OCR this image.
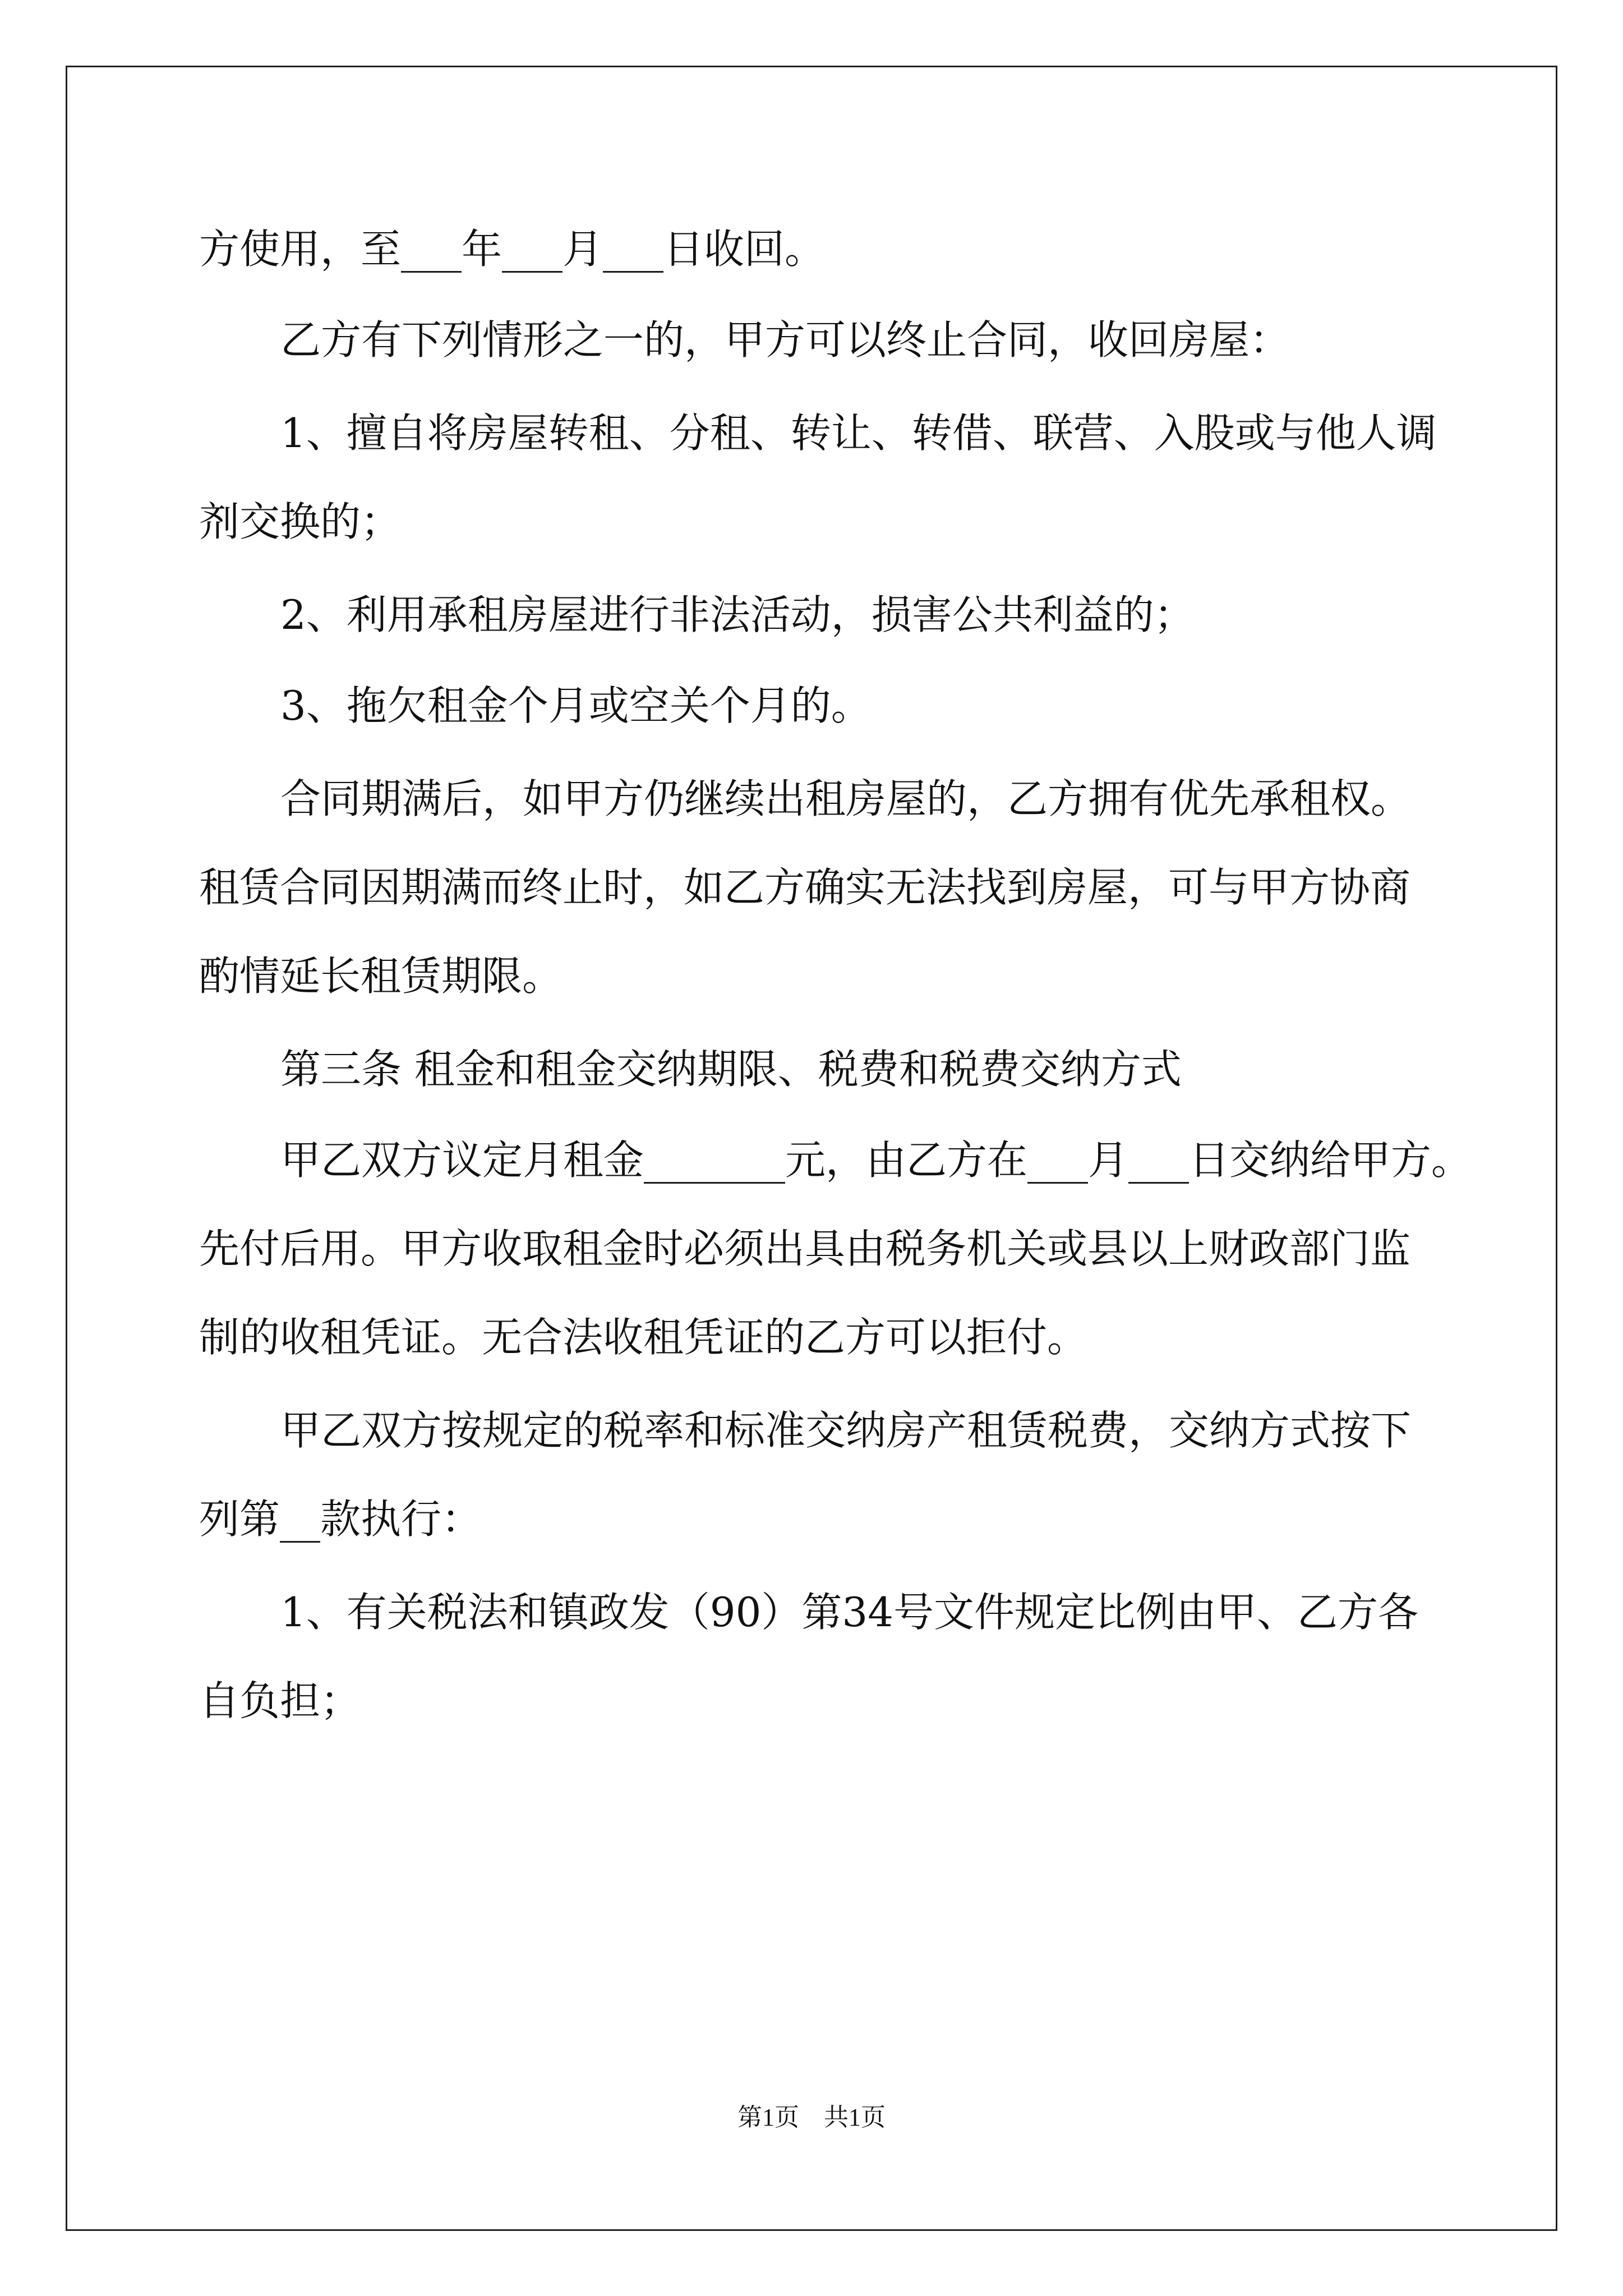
方使用，至___年___月___日收回。
乙方有下列情形之一的，甲方可以终止合同，收回房屋：
1、擅自将房屋转租、分租、转让、转借、联营、入股或与他人调
剂交换的；
2、利用承租房屋进行非法活动，损害公共利益的；
3、拖欠租金个月或空关个月的。
合同期满后，如甲方仍继续出租房屋的，乙方拥有优先承租权。
租赁合同因期满而终止时，如乙方确实无法找到房屋，可与甲方协商
酌情延长租赁期限。
第三条 租金和租金交纳期限、税费和税费交纳方式
甲乙双方议定月租金_______元，由乙方在___月___日交纳给甲方。
先付后用。甲方收取租金时必须出具由税务机关或县以上财政部门监
制的收租凭证。无合法收租凭证的乙方可以拒付。
甲乙双方按规定的税率和标准交纳房产租赁税费，交纳方式按下
列第__款执行：
1、有关税法和镇政发（90）第34号文件规定比例由甲、乙方各
自负担；
第1页　共1页
